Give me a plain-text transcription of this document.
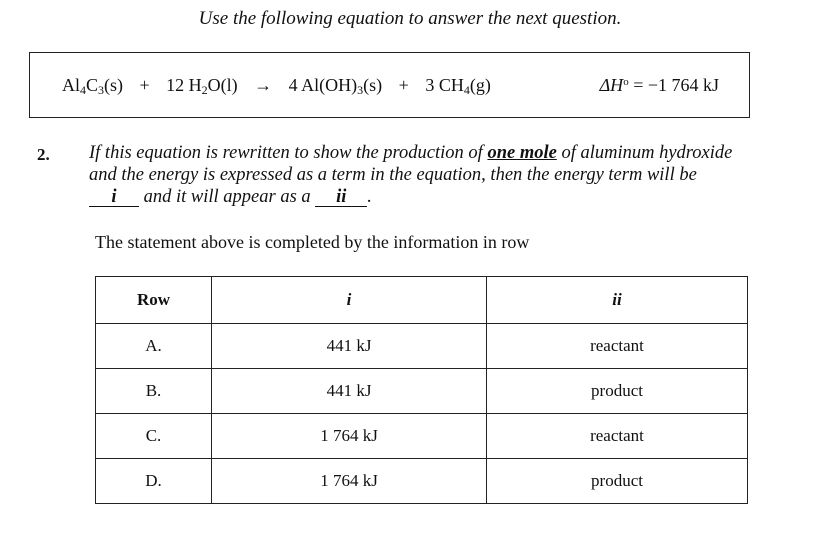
Use the following equation to answer the next question.
$Al_4C_3(s) + 12$ $H_2O(l) \to 4$ $Al(OH)_3(s) + 3$ $CH_4(g)$	$\Delta H^o = -1$ 764 kJ
2. If this equation is rewritten to show the production of one mole of aluminum hydroxide and the energy is expressed as a term in the equation, then the energy term will be i and it will appear as a ii .
The statement above is completed by the information in row
Row	i	ii
A.	441 kJ	reactant
B.	441 kJ	product
C.	1 764 kJ	reactant
D.	1 764 kJ	product
